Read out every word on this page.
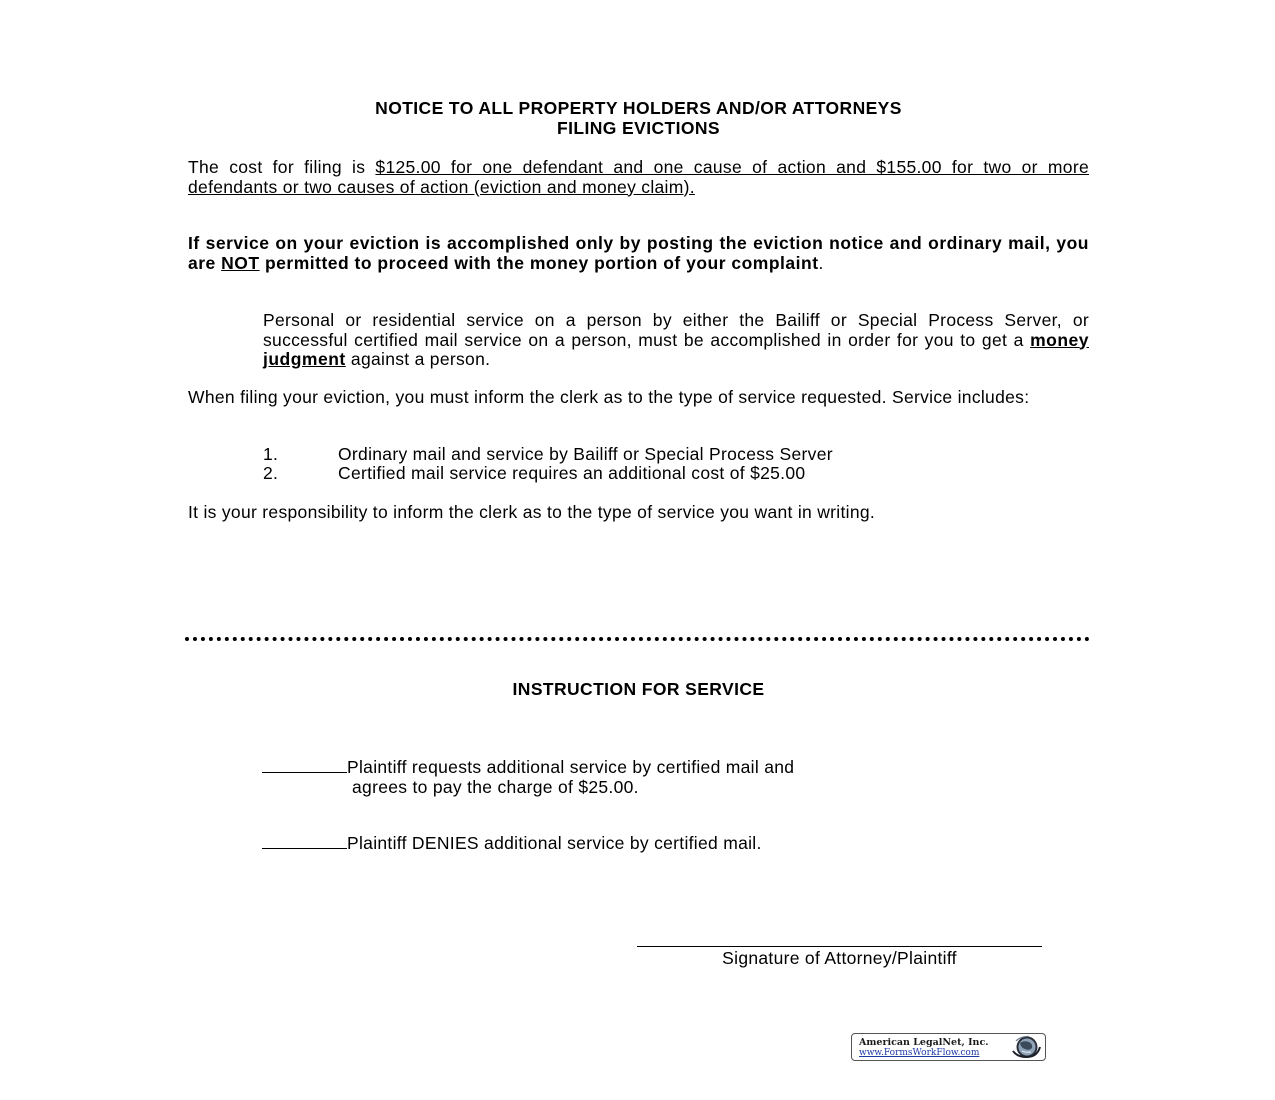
NOTICE TO ALL PROPERTY HOLDERS AND/OR ATTORNEYS
FILING EVICTIONS
The cost for filing is $125.00 for one defendant and one cause of action and $155.00 for two or more defendants or two causes of action (eviction and money claim).
If service on your eviction is accomplished only by posting the eviction notice and ordinary mail, you are NOT permitted to proceed with the money portion of your complaint.
Personal or residential service on a person by either the Bailiff or Special Process Server, or successful certified mail service on a person, must be accomplished in order for you to get a money judgment against a person.
When filing your eviction, you must inform the clerk as to the type of service requested. Service includes:
1.	Ordinary mail and service by Bailiff or Special Process Server
2.	Certified mail service requires an additional cost of $25.00
It is your responsibility to inform the clerk as to the type of service you want in writing.
INSTRUCTION FOR SERVICE
Plaintiff requests additional service by certified mail and
agrees to pay the charge of $25.00.
Plaintiff DENIES additional service by certified mail.
Signature of Attorney/Plaintiff
American LegalNet, Inc.
www.FormsWorkFlow.com
